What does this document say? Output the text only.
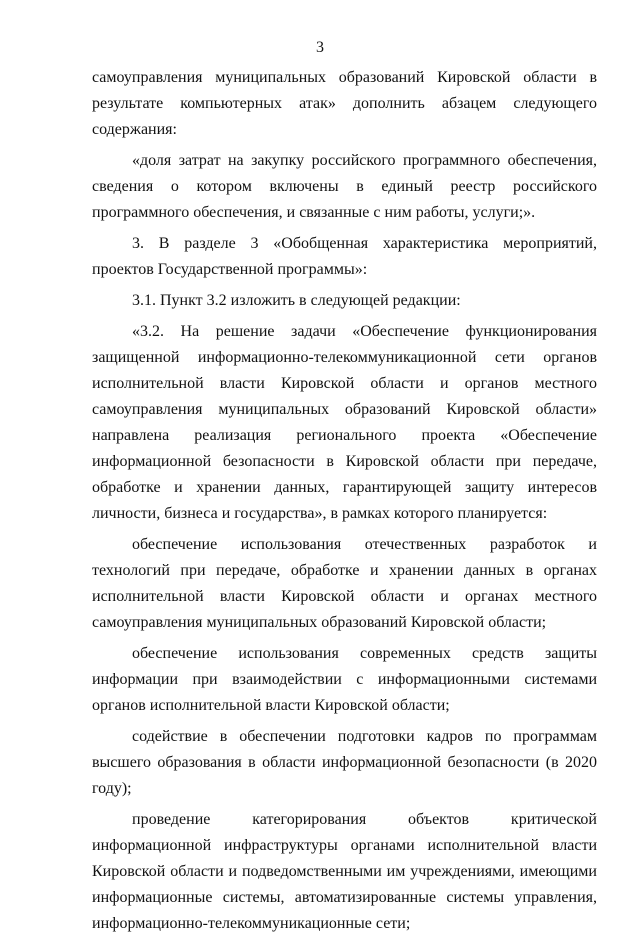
3

самоуправления муниципальных образований Кировской области в результате компьютерных атак» дополнить абзацем следующего содержания:

«доля затрат на закупку российского программного обеспечения, сведения о котором включены в единый реестр российского программного обеспечения, и связанные с ним работы, услуги;».

3. В разделе 3 «Обобщенная характеристика мероприятий, проектов Государственной программы»:

3.1. Пункт 3.2 изложить в следующей редакции:

«3.2. На решение задачи «Обеспечение функционирования защищенной информационно-телекоммуникационной сети органов исполнительной власти Кировской области и органов местного самоуправления муниципальных образований Кировской области» направлена реализация регионального проекта «Обеспечение информационной безопасности в Кировской области при передаче, обработке и хранении данных, гарантирующей защиту интересов личности, бизнеса и государства», в рамках которого планируется:

обеспечение использования отечественных разработок и технологий при передаче, обработке и хранении данных в органах исполнительной власти Кировской области и органах местного самоуправления муниципальных образований Кировской области;

обеспечение использования современных средств защиты информации при взаимодействии с информационными системами органов исполнительной власти Кировской области;

содействие в обеспечении подготовки кадров по программам высшего образования в области информационной безопасности (в 2020 году);

проведение категорирования объектов критической информационной инфраструктуры органами исполнительной власти Кировской области и подведомственными им учреждениями, имеющими информационные системы, автоматизированные системы управления, информационно-телекоммуникационные сети;
